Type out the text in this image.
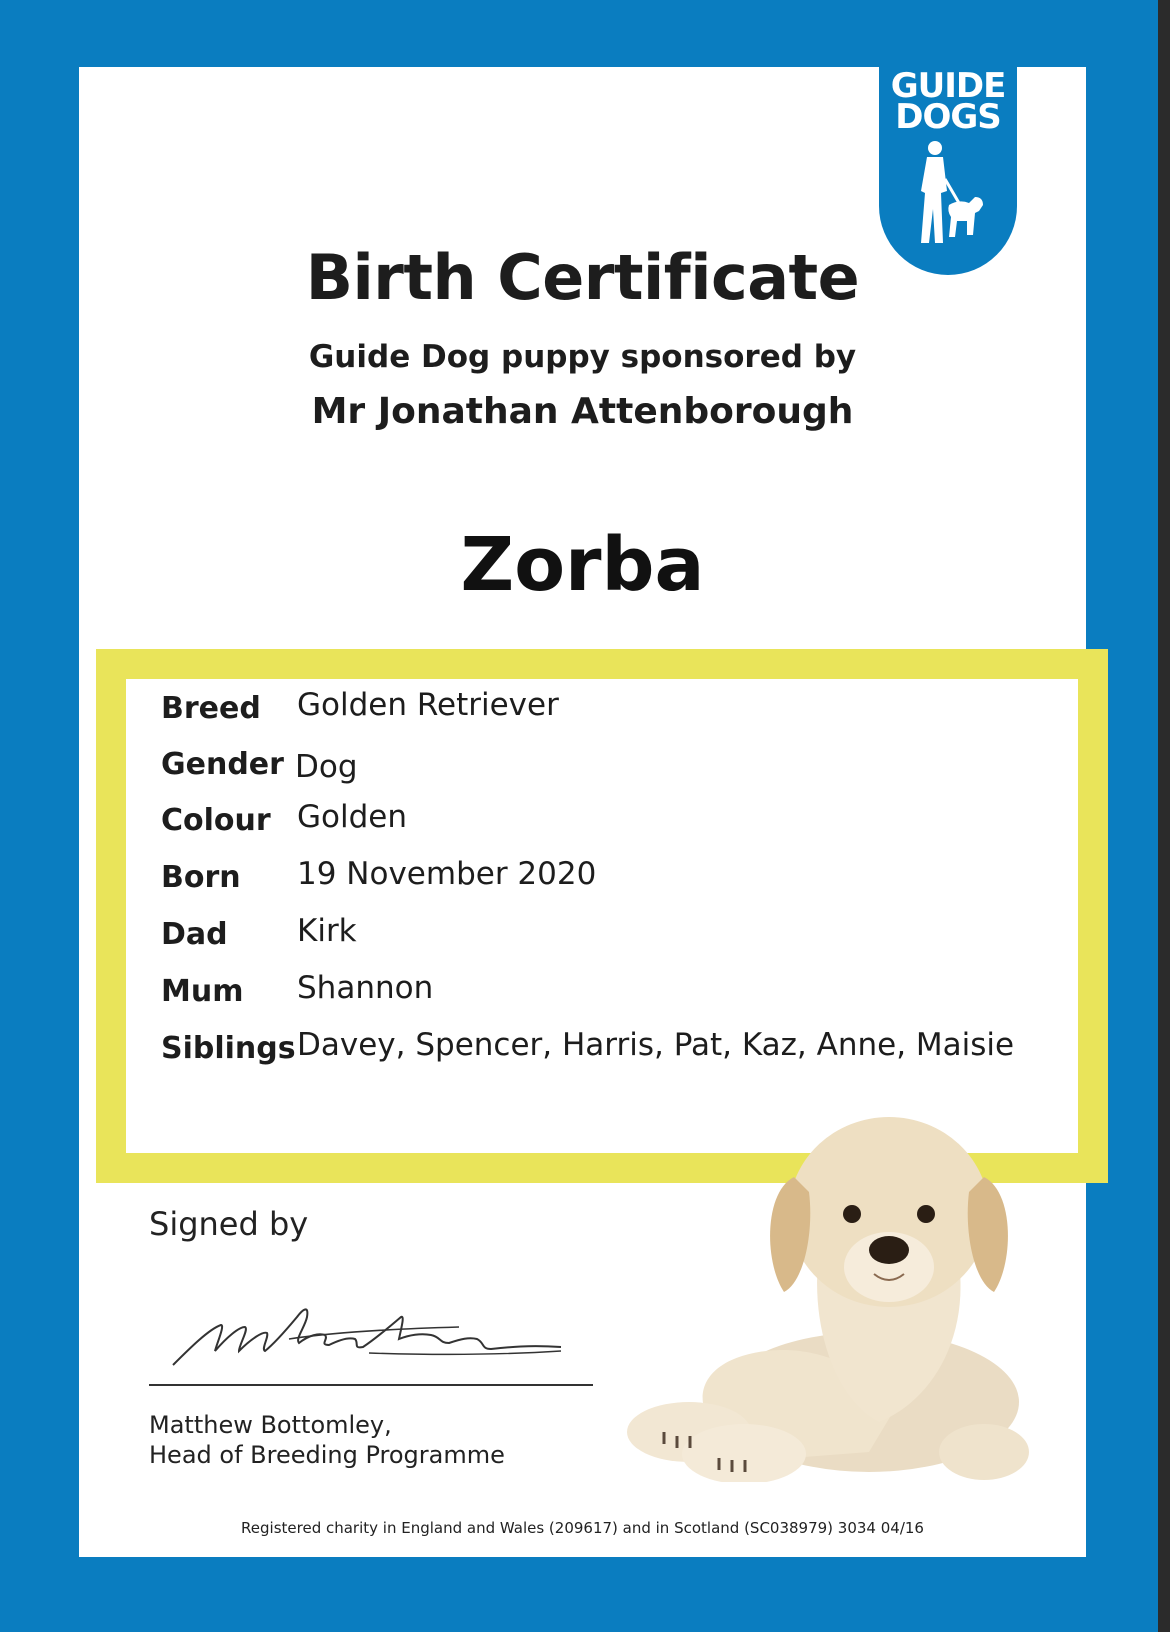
GUIDE
DOGS
Birth Certificate
Guide Dog puppy sponsored by
Mr Jonathan Attenborough
Zorba
Breed Golden Retriever
Gender Dog
Colour Golden
Born 19 November 2020
Dad Kirk
Mum Shannon
Siblings Davey, Spencer, Harris, Pat, Kaz, Anne, Maisie
Signed by
Matthew Bottomley,
Head of Breeding Programme
Registered charity in England and Wales (209617) and in Scotland (SC038979) 3034 04/16
